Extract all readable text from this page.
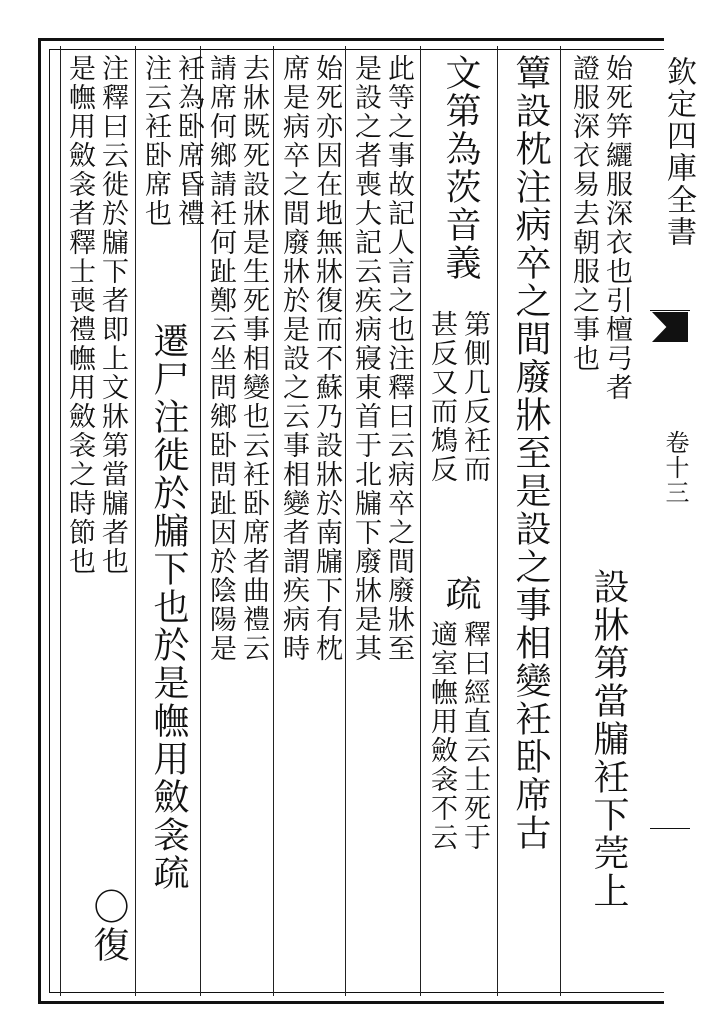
欽定四庫全書
卷十三
始死笄纚服深衣也引檀弓者
證服深衣易去朝服之事也
設牀第當牖衽下莞上
簟設枕注病卒之間廢牀至是設之事相變衽卧席古
文第為茨音義
第側几反衽而
甚反又而鴆反
疏
釋曰經直云士死于
適室幠用斂衾不云
此等之事故記人言之也注釋曰云病卒之間廢牀至
是設之者喪大記云疾病寢東首于北牖下廢牀是其
始死亦因在地無牀復而不蘇乃設牀於南牖下有枕
席是病卒之間廢牀於是設之云事相變者謂疾病時
去牀既死設牀是生死事相變也云衽卧席者曲禮云
請席何鄉請衽何趾鄭云坐問鄉卧問趾因於陰陽是
衽為卧席昏禮
注云衽卧席也
遷尸注徙於牖下也於是幠用斂衾疏
注釋曰云徙於牖下者即上文牀第當牖者也
是幠用斂衾者釋士喪禮幠用斂衾之時節也
〇復
